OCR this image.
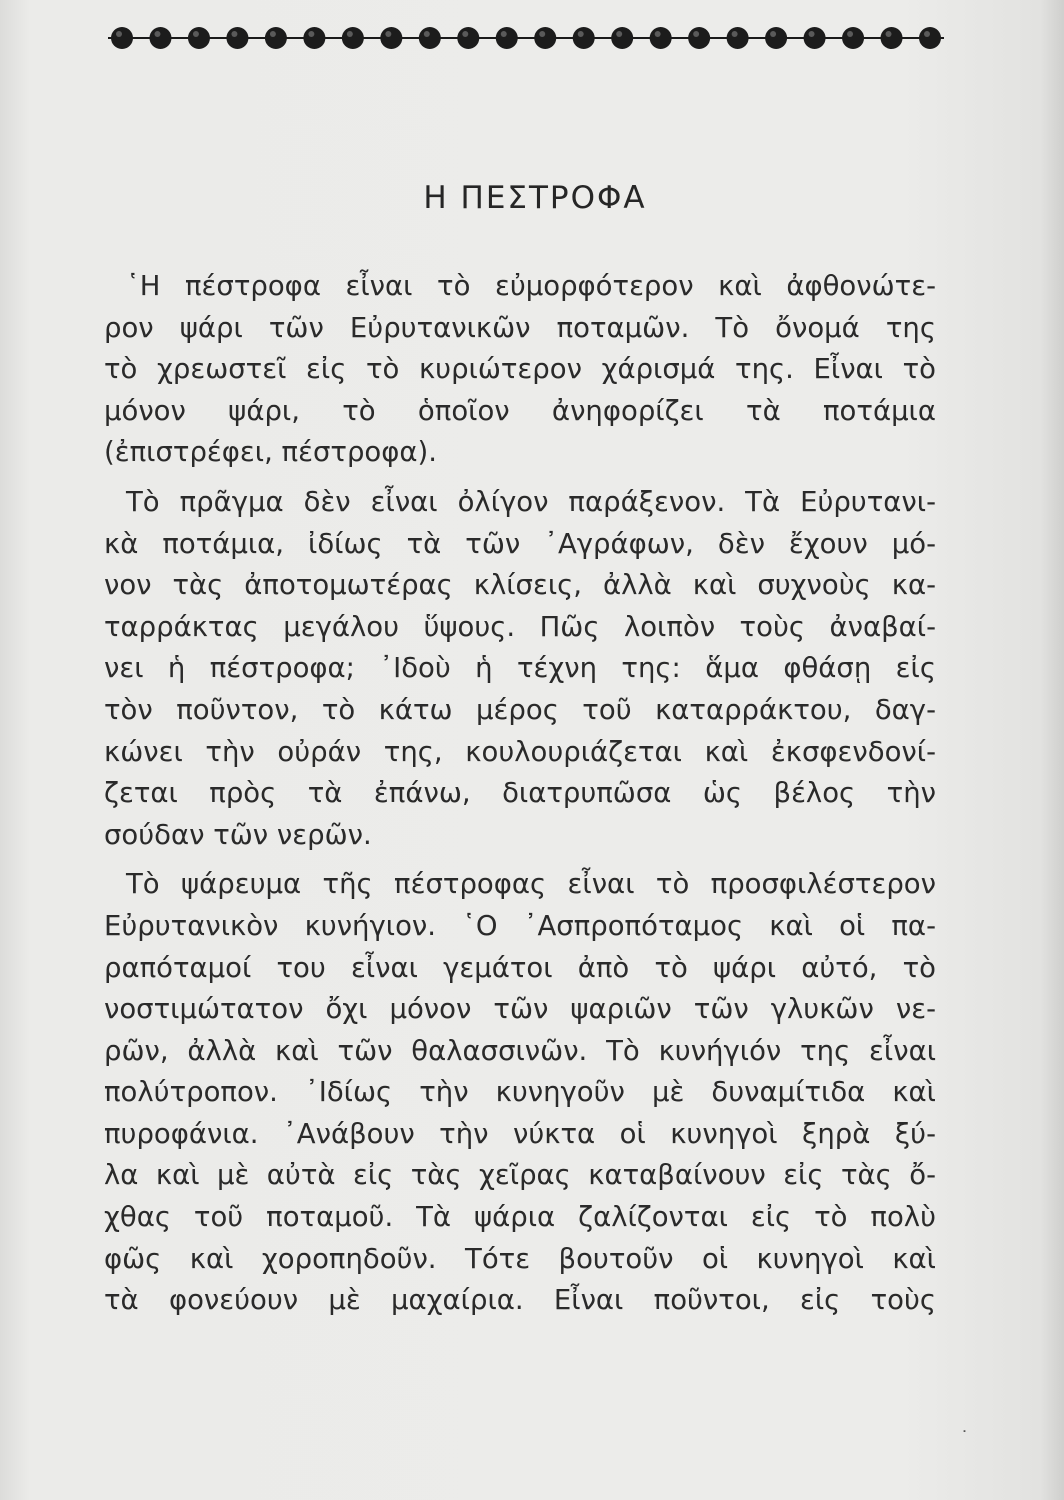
Η ΠΕΣΤΡΟΦΑ
῾Η πέστροφα εἶναι τὸ εὐμορφότερον καὶ ἀφθονώτε-
ρον ψάρι τῶν Εὐρυτανικῶν ποταμῶν. Τὸ ὄνομά της
τὸ χρεωστεῖ εἰς τὸ κυριώτερον χάρισμά της. Εἶναι τὸ
μόνον ψάρι, τὸ ὁποῖον ἀνηφορίζει τὰ ποτάμια
(ἐπιστρέφει, πέστροφα).
Τὸ πρᾶγμα δὲν εἶναι ὀλίγον παράξενον. Τὰ Εὐρυτανι-
κὰ ποτάμια, ἰδίως τὰ τῶν ᾿Αγράφων, δὲν ἔχουν μό-
νον τὰς ἀποτομωτέρας κλίσεις, ἀλλὰ καὶ συχνοὺς κα-
ταρράκτας μεγάλου ὕψους. Πῶς λοιπὸν τοὺς ἀναβαί-
νει ἡ πέστροφα; ᾿Ιδοὺ ἡ τέχνη της: ἅμα φθάσῃ εἰς
τὸν ποῦντον, τὸ κάτω μέρος τοῦ καταρράκτου, δαγ-
κώνει τὴν οὐράν της, κουλουριάζεται καὶ ἐκσφενδονί-
ζεται πρὸς τὰ ἐπάνω, διατρυπῶσα ὡς βέλος τὴν
σούδαν τῶν νερῶν.
Τὸ ψάρευμα τῆς πέστροφας εἶναι τὸ προσφιλέστερον
Εὐρυτανικὸν κυνήγιον. ῾Ο ᾿Ασπροπόταμος καὶ οἱ πα-
ραπόταμοί του εἶναι γεμάτοι ἀπὸ τὸ ψάρι αὐτό, τὸ
νοστιμώτατον ὄχι μόνον τῶν ψαριῶν τῶν γλυκῶν νε-
ρῶν, ἀλλὰ καὶ τῶν θαλασσινῶν. Τὸ κυνήγιόν της εἶναι
πολύτροπον. ᾿Ιδίως τὴν κυνηγοῦν μὲ δυναμίτιδα καὶ
πυροφάνια. ᾿Ανάβουν τὴν νύκτα οἱ κυνηγοὶ ξηρὰ ξύ-
λα καὶ μὲ αὐτὰ εἰς τὰς χεῖρας καταβαίνουν εἰς τὰς ὄ-
χθας τοῦ ποταμοῦ. Τὰ ψάρια ζαλίζονται εἰς τὸ πολὺ
φῶς καὶ χοροπηδοῦν. Τότε βουτοῦν οἱ κυνηγοὶ καὶ
τὰ φονεύουν μὲ μαχαίρια. Εἶναι ποῦντοι, εἰς τοὺς
˙
